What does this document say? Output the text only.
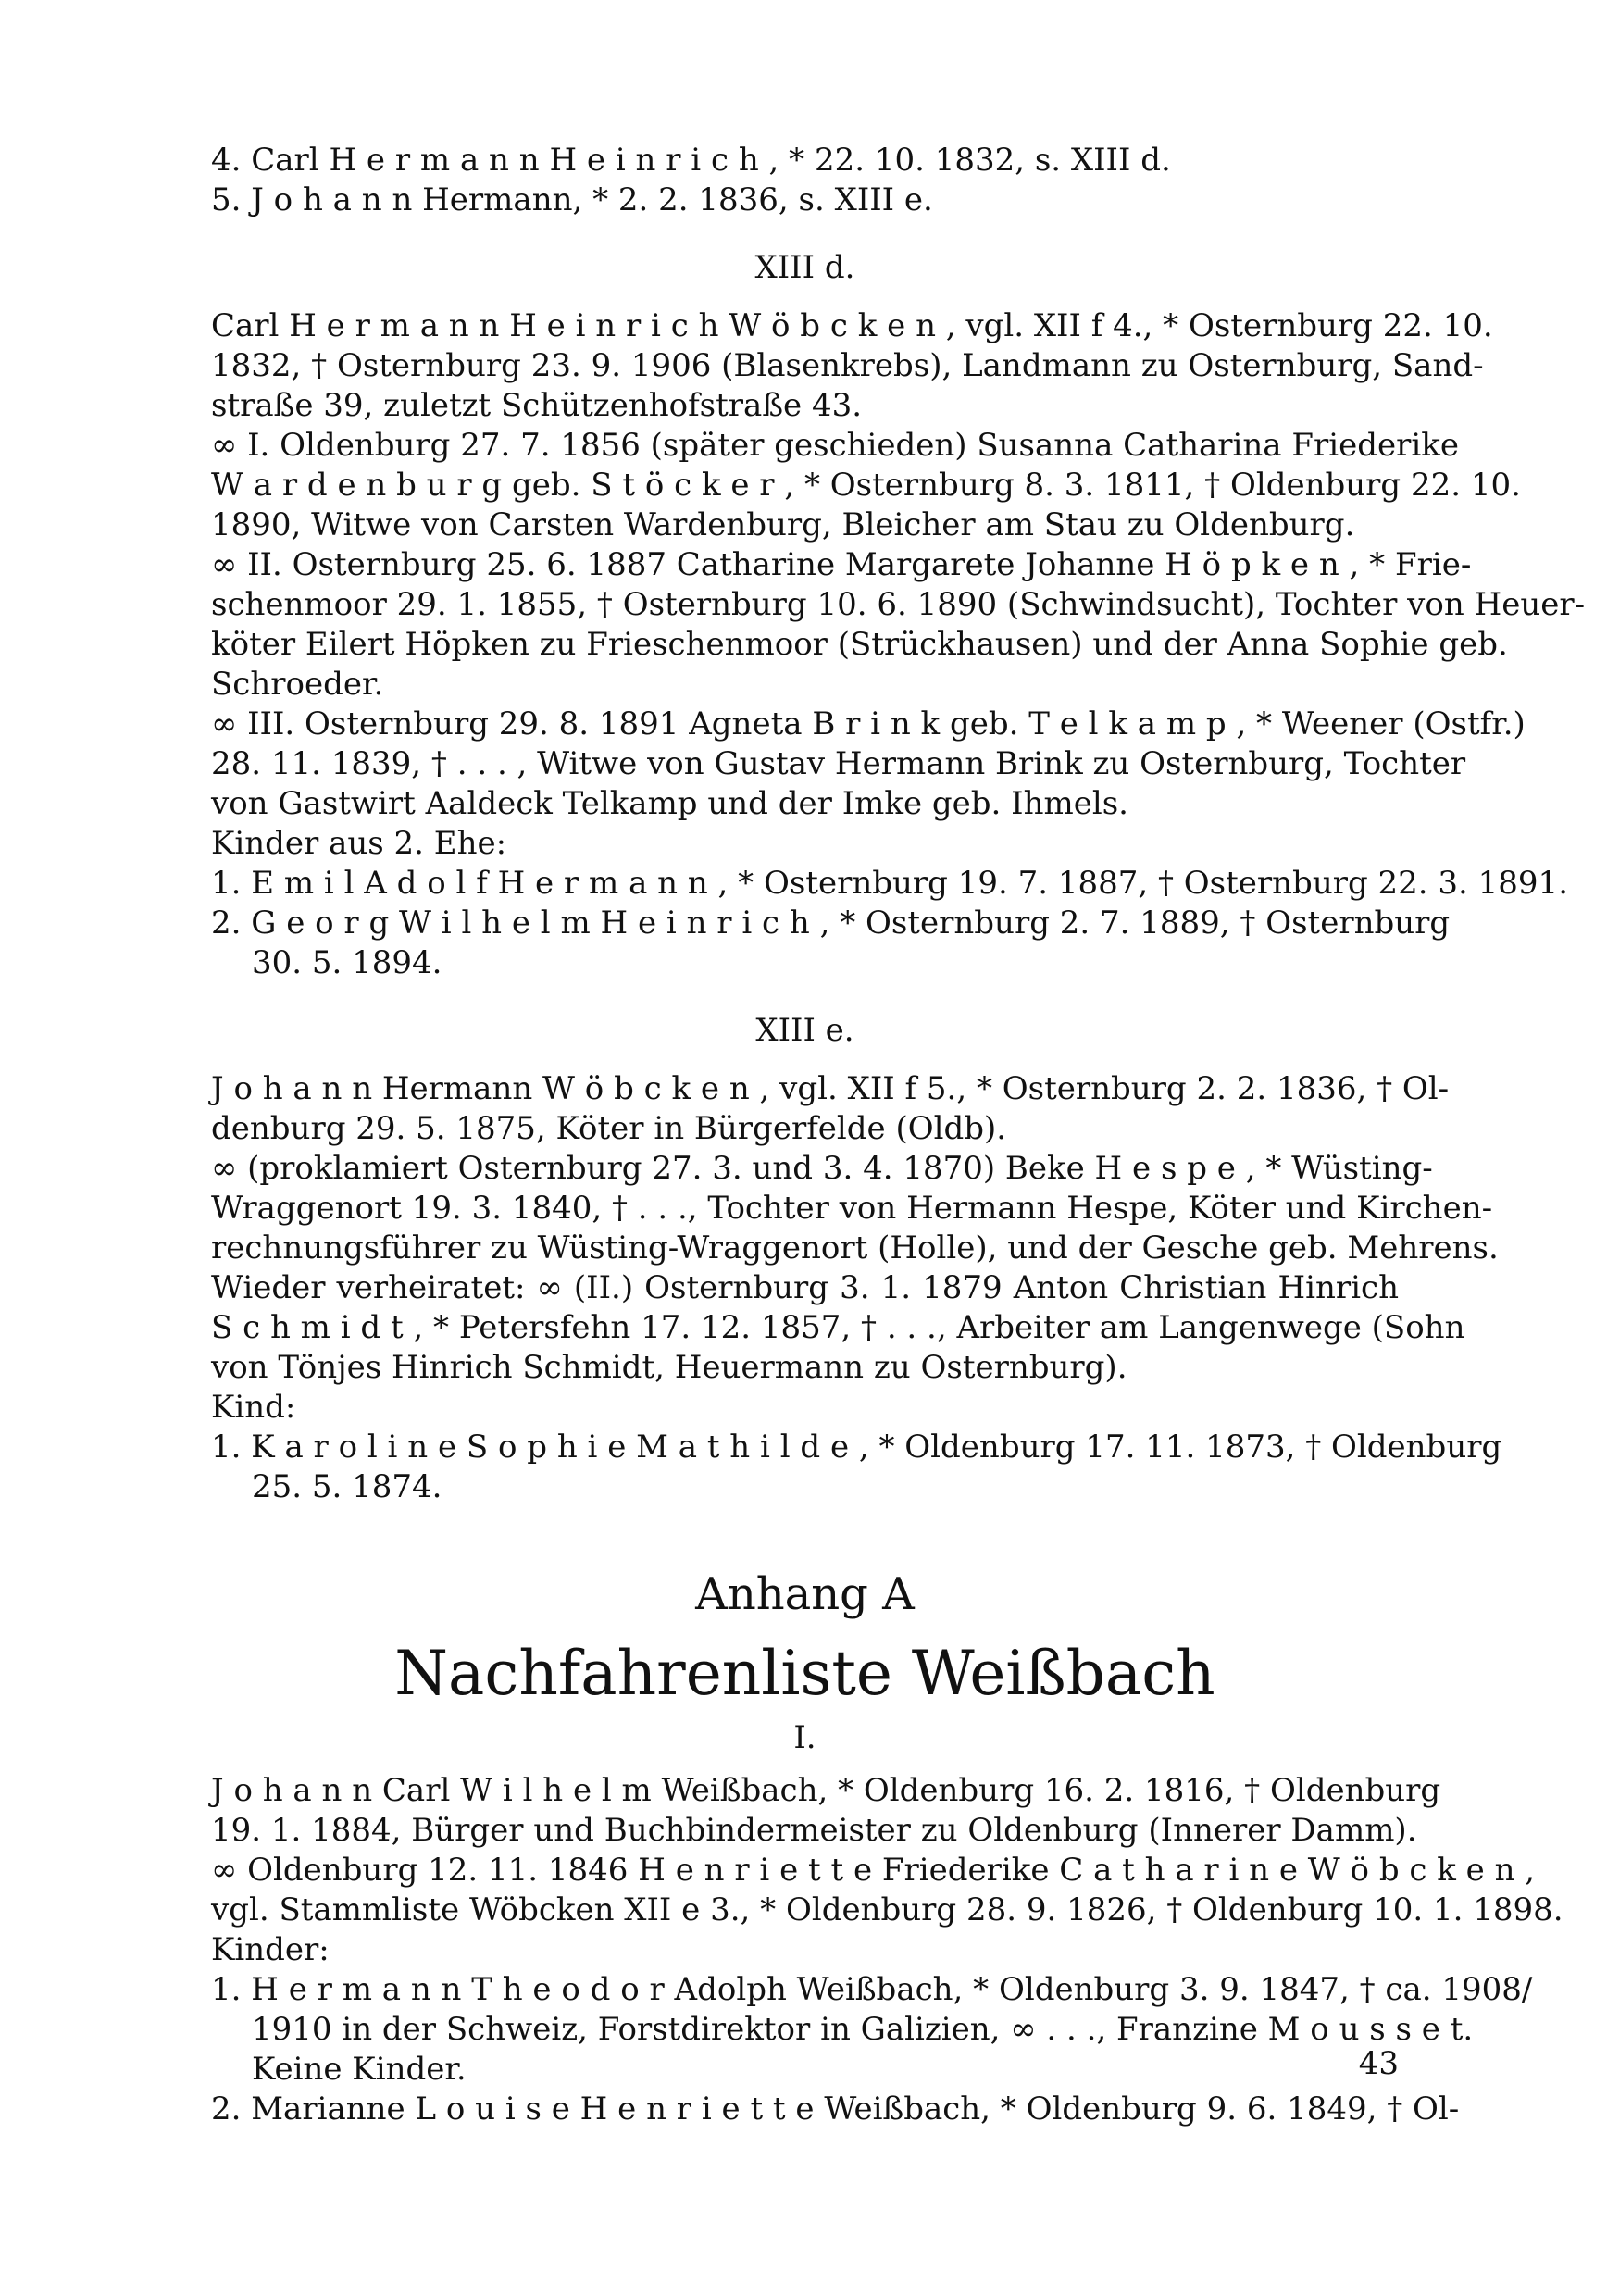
4. Carl H e r m a n n H e i n r i c h , * 22. 10. 1832, s. XIII d.
5. J o h a n n Hermann, * 2. 2. 1836, s. XIII e.
XIII d.
Carl H e r m a n n H e i n r i c h W ö b c k e n , vgl. XII f 4., * Osternburg 22. 10.
1832, † Osternburg 23. 9. 1906 (Blasenkrebs), Landmann zu Osternburg, Sand-
straße 39, zuletzt Schützenhofstraße 43.
∞ I. Oldenburg 27. 7. 1856 (später geschieden) Susanna Catharina Friederike
W a r d e n b u r g geb. S t ö c k e r , * Osternburg 8. 3. 1811, † Oldenburg 22. 10.
1890, Witwe von Carsten Wardenburg, Bleicher am Stau zu Oldenburg.
∞ II. Osternburg 25. 6. 1887 Catharine Margarete Johanne H ö p k e n , * Frie-
schenmoor 29. 1. 1855, † Osternburg 10. 6. 1890 (Schwindsucht), Tochter von Heuer-
köter Eilert Höpken zu Frieschenmoor (Strückhausen) und der Anna Sophie geb.
Schroeder.
∞ III. Osternburg 29. 8. 1891 Agneta B r i n k geb. T e l k a m p , * Weener (Ostfr.)
28. 11. 1839, † . . . , Witwe von Gustav Hermann Brink zu Osternburg, Tochter
von Gastwirt Aaldeck Telkamp und der Imke geb. Ihmels.
Kinder aus 2. Ehe:
1. E m i l A d o l f H e r m a n n , * Osternburg 19. 7. 1887, † Osternburg 22. 3. 1891.
2. G e o r g W i l h e l m H e i n r i c h , * Osternburg 2. 7. 1889, † Osternburg
30. 5. 1894.
XIII e.
J o h a n n Hermann W ö b c k e n , vgl. XII f 5., * Osternburg 2. 2. 1836, † Ol-
denburg 29. 5. 1875, Köter in Bürgerfelde (Oldb).
∞ (proklamiert Osternburg 27. 3. und 3. 4. 1870) Beke H e s p e , * Wüsting-
Wraggenort 19. 3. 1840, † . . ., Tochter von Hermann Hespe, Köter und Kirchen-
rechnungsführer zu Wüsting-Wraggenort (Holle), und der Gesche geb. Mehrens.
Wieder verheiratet: ∞ (II.) Osternburg 3. 1. 1879 Anton Christian Hinrich
S c h m i d t , * Petersfehn 17. 12. 1857, † . . ., Arbeiter am Langenwege (Sohn
von Tönjes Hinrich Schmidt, Heuermann zu Osternburg).
Kind:
1. K a r o l i n e S o p h i e M a t h i l d e , * Oldenburg 17. 11. 1873, † Oldenburg
25. 5. 1874.
Anhang A
Nachfahrenliste Weißbach
I.
J o h a n n Carl W i l h e l m Weißbach, * Oldenburg 16. 2. 1816, † Oldenburg
19. 1. 1884, Bürger und Buchbindermeister zu Oldenburg (Innerer Damm).
∞ Oldenburg 12. 11. 1846 H e n r i e t t e Friederike C a t h a r i n e W ö b c k e n ,
vgl. Stammliste Wöbcken XII e 3., * Oldenburg 28. 9. 1826, † Oldenburg 10. 1. 1898.
Kinder:
1. H e r m a n n T h e o d o r Adolph Weißbach, * Oldenburg 3. 9. 1847, † ca. 1908/
1910 in der Schweiz, Forstdirektor in Galizien, ∞ . . ., Franzine M o u s s e t.
Keine Kinder.
2. Marianne L o u i s e H e n r i e t t e Weißbach, * Oldenburg 9. 6. 1849, † Ol-
43
